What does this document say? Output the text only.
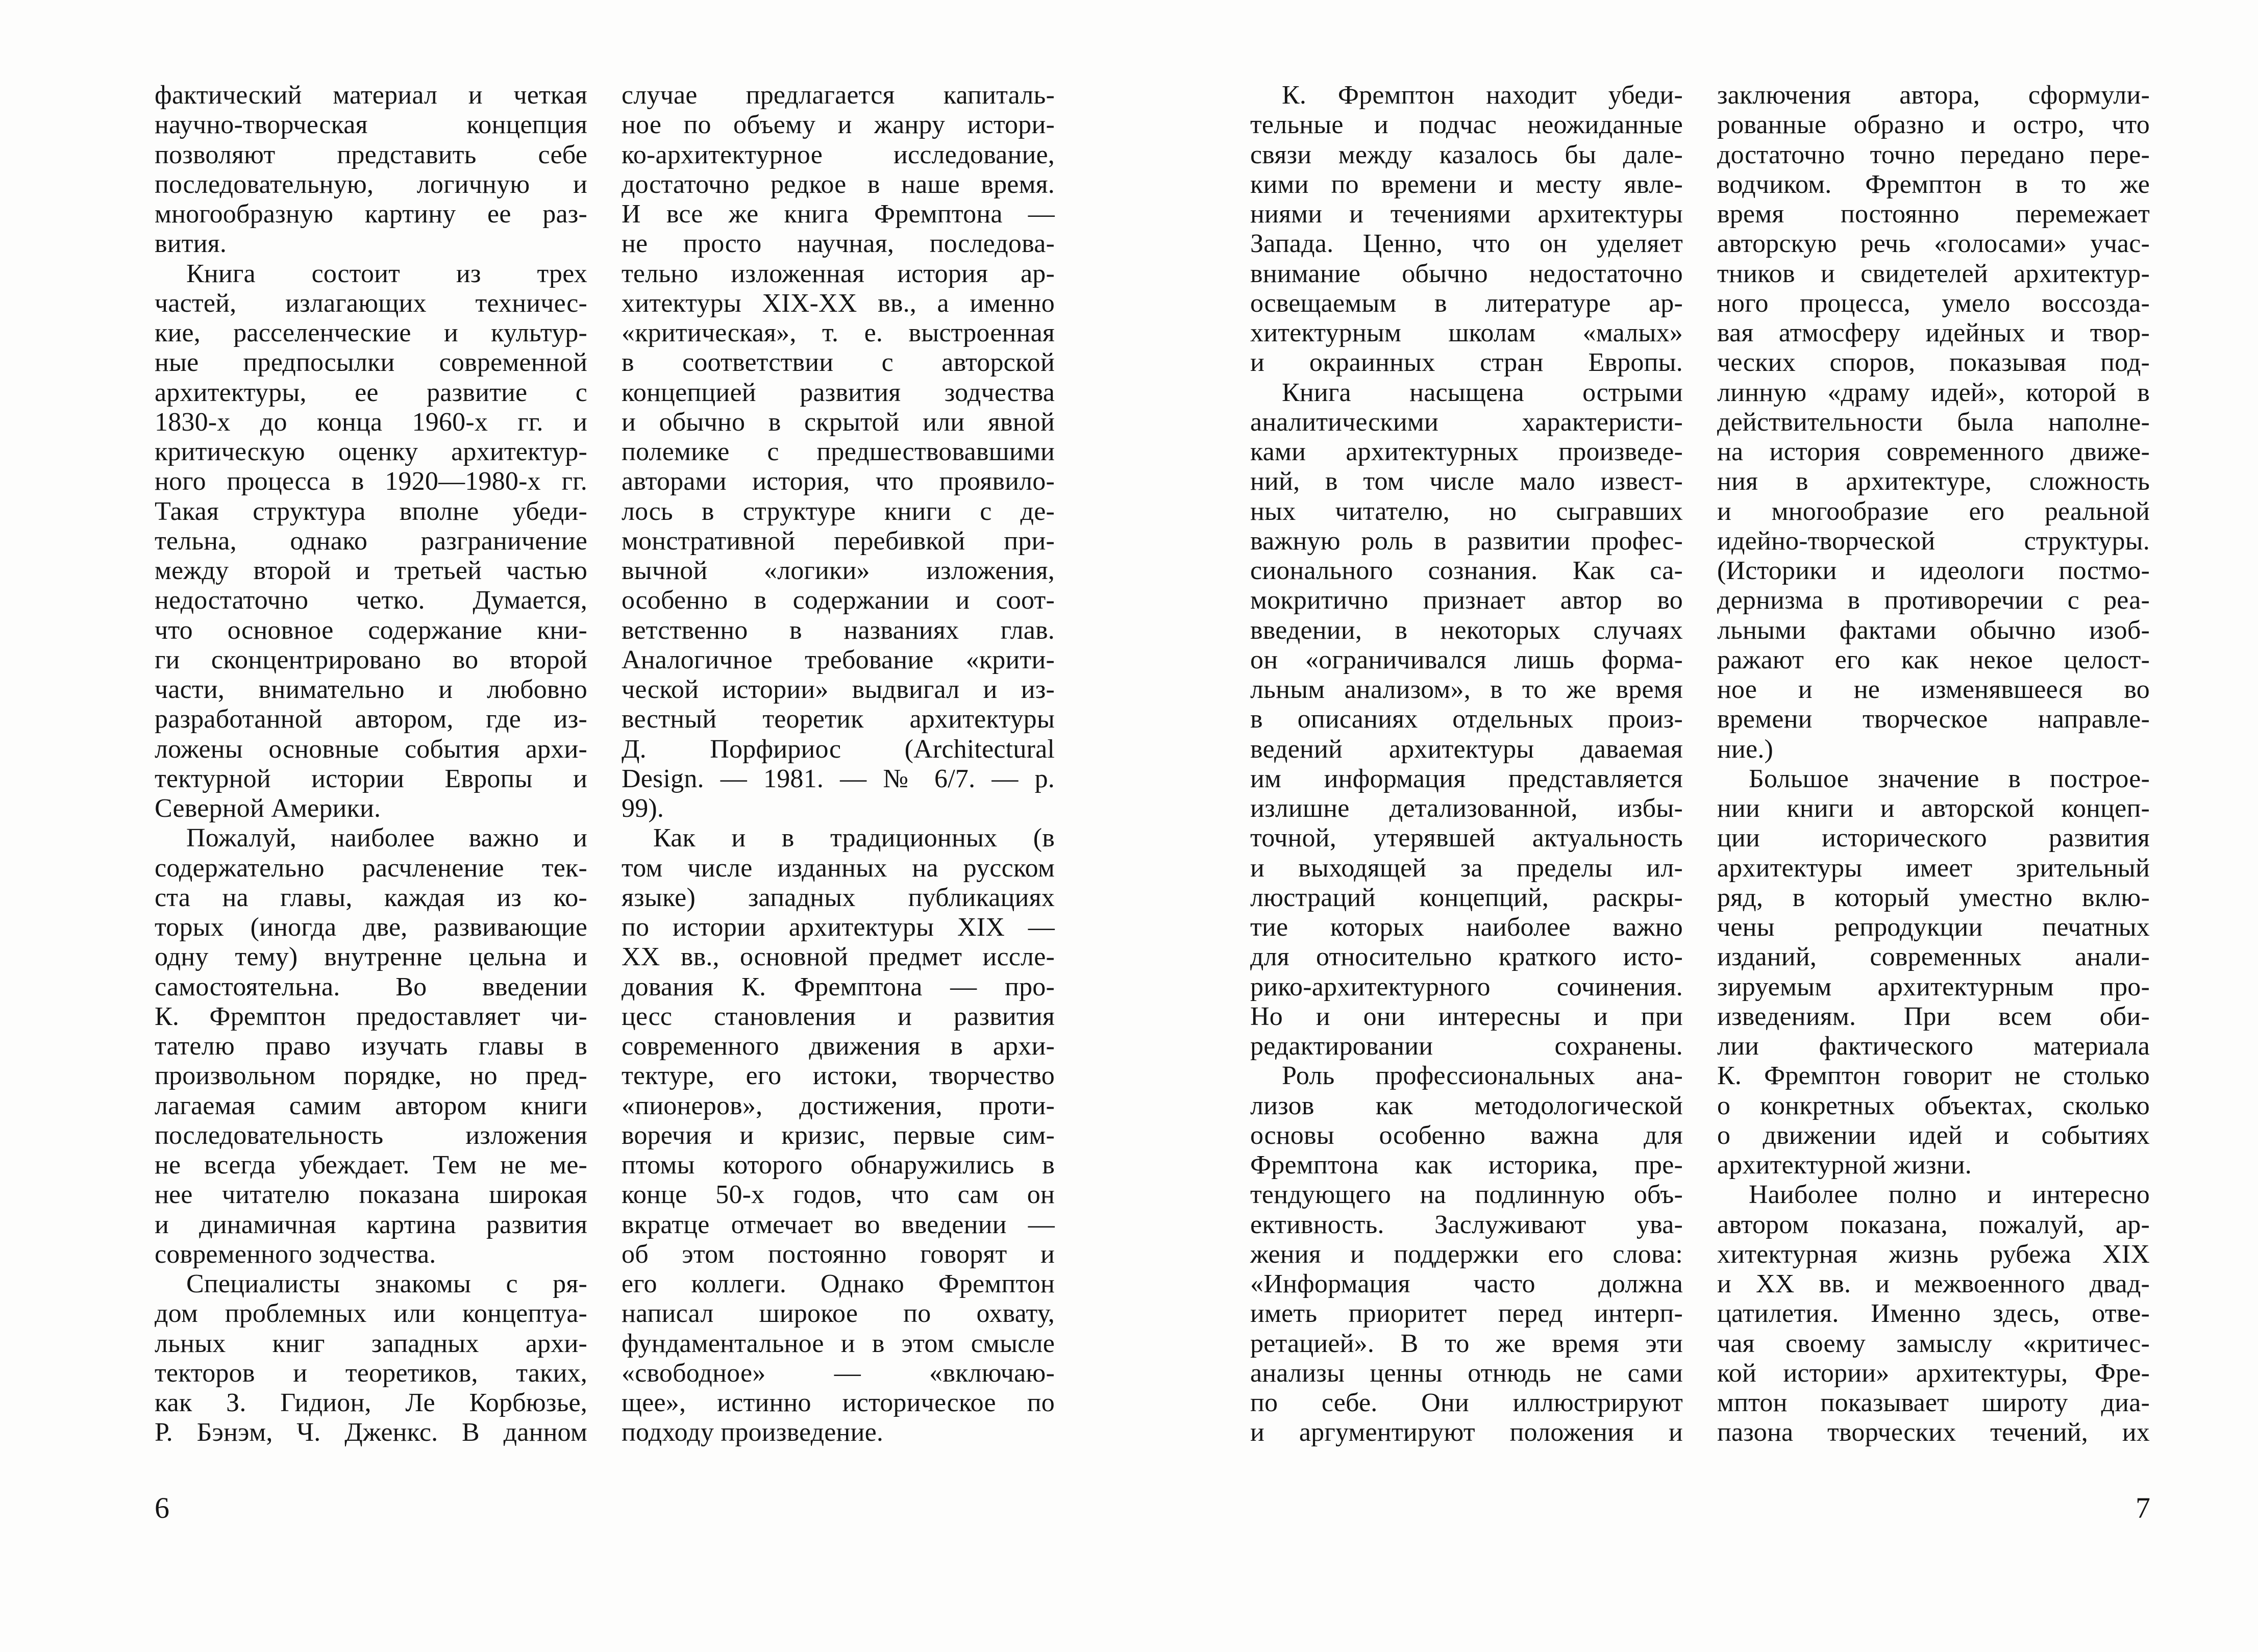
фактический материал и четкая
научно-творческая концепция
позволяют представить себе
последовательную, логичную и
многообразную картину ее раз-
вития.
Книга состоит из трех
частей, излагающих техничес-
кие, расселенческие и культур-
ные предпосылки современной
архитектуры, ее развитие с
1830-х до конца 1960-х гг. и
критическую оценку архитектур-
ного процесса в 1920—1980-х гг.
Такая структура вполне убеди-
тельна, однако разграничение
между второй и третьей частью
недостаточно четко. Думается,
что основное содержание кни-
ги сконцентрировано во второй
части, внимательно и любовно
разработанной автором, где из-
ложены основные события архи-
тектурной истории Европы и
Северной Америки.
Пожалуй, наиболее важно и
содержательно расчленение тек-
ста на главы, каждая из ко-
торых (иногда две, развивающие
одну тему) внутренне цельна и
самостоятельна. Во введении
К. Фремптон предоставляет чи-
тателю право изучать главы в
произвольном порядке, но пред-
лагаемая самим автором книги
последовательность изложения
не всегда убеждает. Тем не ме-
нее читателю показана широкая
и динамичная картина развития
современного зодчества.
Специалисты знакомы с ря-
дом проблемных или концептуа-
льных книг западных архи-
текторов и теоретиков, таких,
как З. Гидион, Ле Корбюзье,
Р. Бэнэм, Ч. Дженкс. В данном
случае предлагается капиталь-
ное по объему и жанру истори-
ко-архитектурное исследование,
достаточно редкое в наше время.
И все же книга Фремптона —
не просто научная, последова-
тельно изложенная история ар-
хитектуры XIX-XX вв., а именно
«критическая», т. е. выстроенная
в соответствии с авторской
концепцией развития зодчества
и обычно в скрытой или явной
полемике с предшествовавшими
авторами история, что проявило-
лось в структуре книги с де-
монстративной перебивкой при-
вычной «логики» изложения,
особенно в содержании и соот-
ветственно в названиях глав.
Аналогичное требование «крити-
ческой истории» выдвигал и из-
вестный теоретик архитектуры
Д. Порфириос (Architectural
Design. — 1981. — № 6/7. — р.
99).
Как и в традиционных (в
том числе изданных на русском
языке) западных публикациях
по истории архитектуры XIX —
XX вв., основной предмет иссле-
дования К. Фремптона — про-
цесс становления и развития
современного движения в архи-
тектуре, его истоки, творчество
«пионеров», достижения, проти-
воречия и кризис, первые сим-
птомы которого обнаружились в
конце 50-х годов, что сам он
вкратце отмечает во введении —
об этом постоянно говорят и
его коллеги. Однако Фремптон
написал широкое по охвату,
фундаментальное и в этом смысле
«свободное» — «включаю-
щее», истинно историческое по
подходу произведение.
К. Фремптон находит убеди-
тельные и подчас неожиданные
связи между казалось бы дале-
кими по времени и месту явле-
ниями и течениями архитектуры
Запада. Ценно, что он уделяет
внимание обычно недостаточно
освещаемым в литературе ар-
хитектурным школам «малых»
и окраинных стран Европы.
Книга насыщена острыми
аналитическими характеристи-
ками архитектурных произведе-
ний, в том числе мало извест-
ных читателю, но сыгравших
важную роль в развитии профес-
сионального сознания. Как са-
мокритично признает автор во
введении, в некоторых случаях
он «ограничивался лишь форма-
льным анализом», в то же время
в описаниях отдельных произ-
ведений архитектуры даваемая
им информация представляется
излишне детализованной, избы-
точной, утерявшей актуальность
и выходящей за пределы ил-
люстраций концепций, раскры-
тие которых наиболее важно
для относительно краткого исто-
рико-архитектурного сочинения.
Но и они интересны и при
редактировании сохранены.
Роль профессиональных ана-
лизов как методологической
основы особенно важна для
Фремптона как историка, пре-
тендующего на подлинную объ-
ективность. Заслуживают ува-
жения и поддержки его слова:
«Информация часто должна
иметь приоритет перед интерп-
ретацией». В то же время эти
анализы ценны отнюдь не сами
по себе. Они иллюстрируют
и аргументируют положения и
заключения автора, сформули-
рованные образно и остро, что
достаточно точно передано пере-
водчиком. Фремптон в то же
время постоянно перемежает
авторскую речь «голосами» учас-
тников и свидетелей архитектур-
ного процесса, умело воссозда-
вая атмосферу идейных и твор-
ческих споров, показывая под-
линную «драму идей», которой в
действительности была наполне-
на история современного движе-
ния в архитектуре, сложность
и многообразие его реальной
идейно-творческой структуры.
(Историки и идеологи постмо-
дернизма в противоречии с реа-
льными фактами обычно изоб-
ражают его как некое целост-
ное и не изменявшееся во
времени творческое направле-
ние.)
Большое значение в построе-
нии книги и авторской концеп-
ции исторического развития
архитектуры имеет зрительный
ряд, в который уместно вклю-
чены репродукции печатных
изданий, современных анали-
зируемым архитектурным про-
изведениям. При всем оби-
лии фактического материала
К. Фремптон говорит не столько
о конкретных объектах, сколько
о движении идей и событиях
архитектурной жизни.
Наиболее полно и интересно
автором показана, пожалуй, ар-
хитектурная жизнь рубежа XIX
и XX вв. и межвоенного двад-
цатилетия. Именно здесь, отве-
чая своему замыслу «критичес-
кой истории» архитектуры, Фре-
мптон показывает широту диа-
пазона творческих течений, их
6	7
